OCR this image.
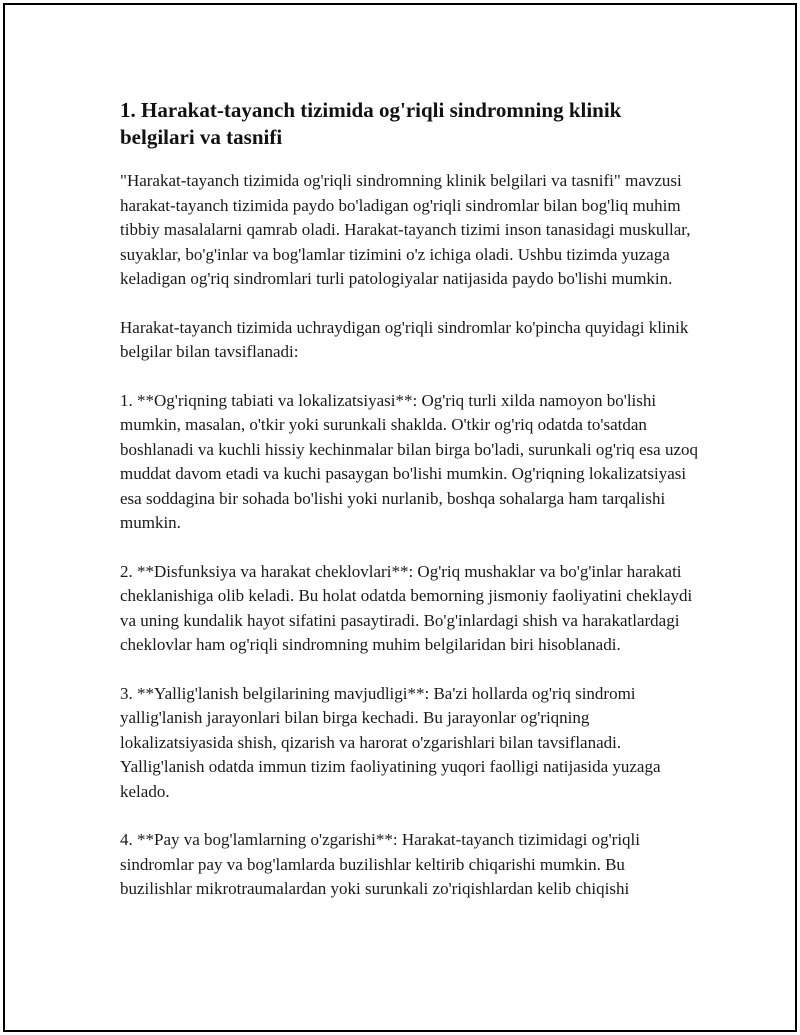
1. Harakat-tayanch tizimida og'riqli sindromning klinik belgilari va tasnifi

"Harakat-tayanch tizimida og'riqli sindromning klinik belgilari va tasnifi" mavzusi harakat-tayanch tizimida paydo bo'ladigan og'riqli sindromlar bilan bog'liq muhim tibbiy masalalarni qamrab oladi. Harakat-tayanch tizimi inson tanasidagi muskullar, suyaklar, bo'g'inlar va bog'lamlar tizimini o'z ichiga oladi. Ushbu tizimda yuzaga keladigan og'riq sindromlari turli patologiyalar natijasida paydo bo'lishi mumkin.

Harakat-tayanch tizimida uchraydigan og'riqli sindromlar ko'pincha quyidagi klinik belgilar bilan tavsiflanadi:

1. **Og'riqning tabiati va lokalizatsiyasi**: Og'riq turli xilda namoyon bo'lishi mumkin, masalan, o'tkir yoki surunkali shaklda. O'tkir og'riq odatda to'satdan boshlanadi va kuchli hissiy kechinmalar bilan birga bo'ladi, surunkali og'riq esa uzoq muddat davom etadi va kuchi pasaygan bo'lishi mumkin. Og'riqning lokalizatsiyasi esa soddagina bir sohada bo'lishi yoki nurlanib, boshqa sohalarga ham tarqalishi mumkin.

2. **Disfunksiya va harakat cheklovlari**: Og'riq mushaklar va bo'g'inlar harakati cheklanishiga olib keladi. Bu holat odatda bemorning jismoniy faoliyatini cheklaydi va uning kundalik hayot sifatini pasaytiradi. Bo'g'inlardagi shish va harakatlardagi cheklovlar ham og'riqli sindromning muhim belgilaridan biri hisoblanadi.

3. **Yallig'lanish belgilarining mavjudligi**: Ba'zi hollarda og'riq sindromi yallig'lanish jarayonlari bilan birga kechadi. Bu jarayonlar og'riqning lokalizatsiyasida shish, qizarish va harorat o'zgarishlari bilan tavsiflanadi. Yallig'lanish odatda immun tizim faoliyatining yuqori faolligi natijasida yuzaga kelado.

4. **Pay va bog'lamlarning o'zgarishi**: Harakat-tayanch tizimidagi og'riqli sindromlar pay va bog'lamlarda buzilishlar keltirib chiqarishi mumkin. Bu buzilishlar mikrotraumalardan yoki surunkali zo'riqishlardan kelib chiqishi
